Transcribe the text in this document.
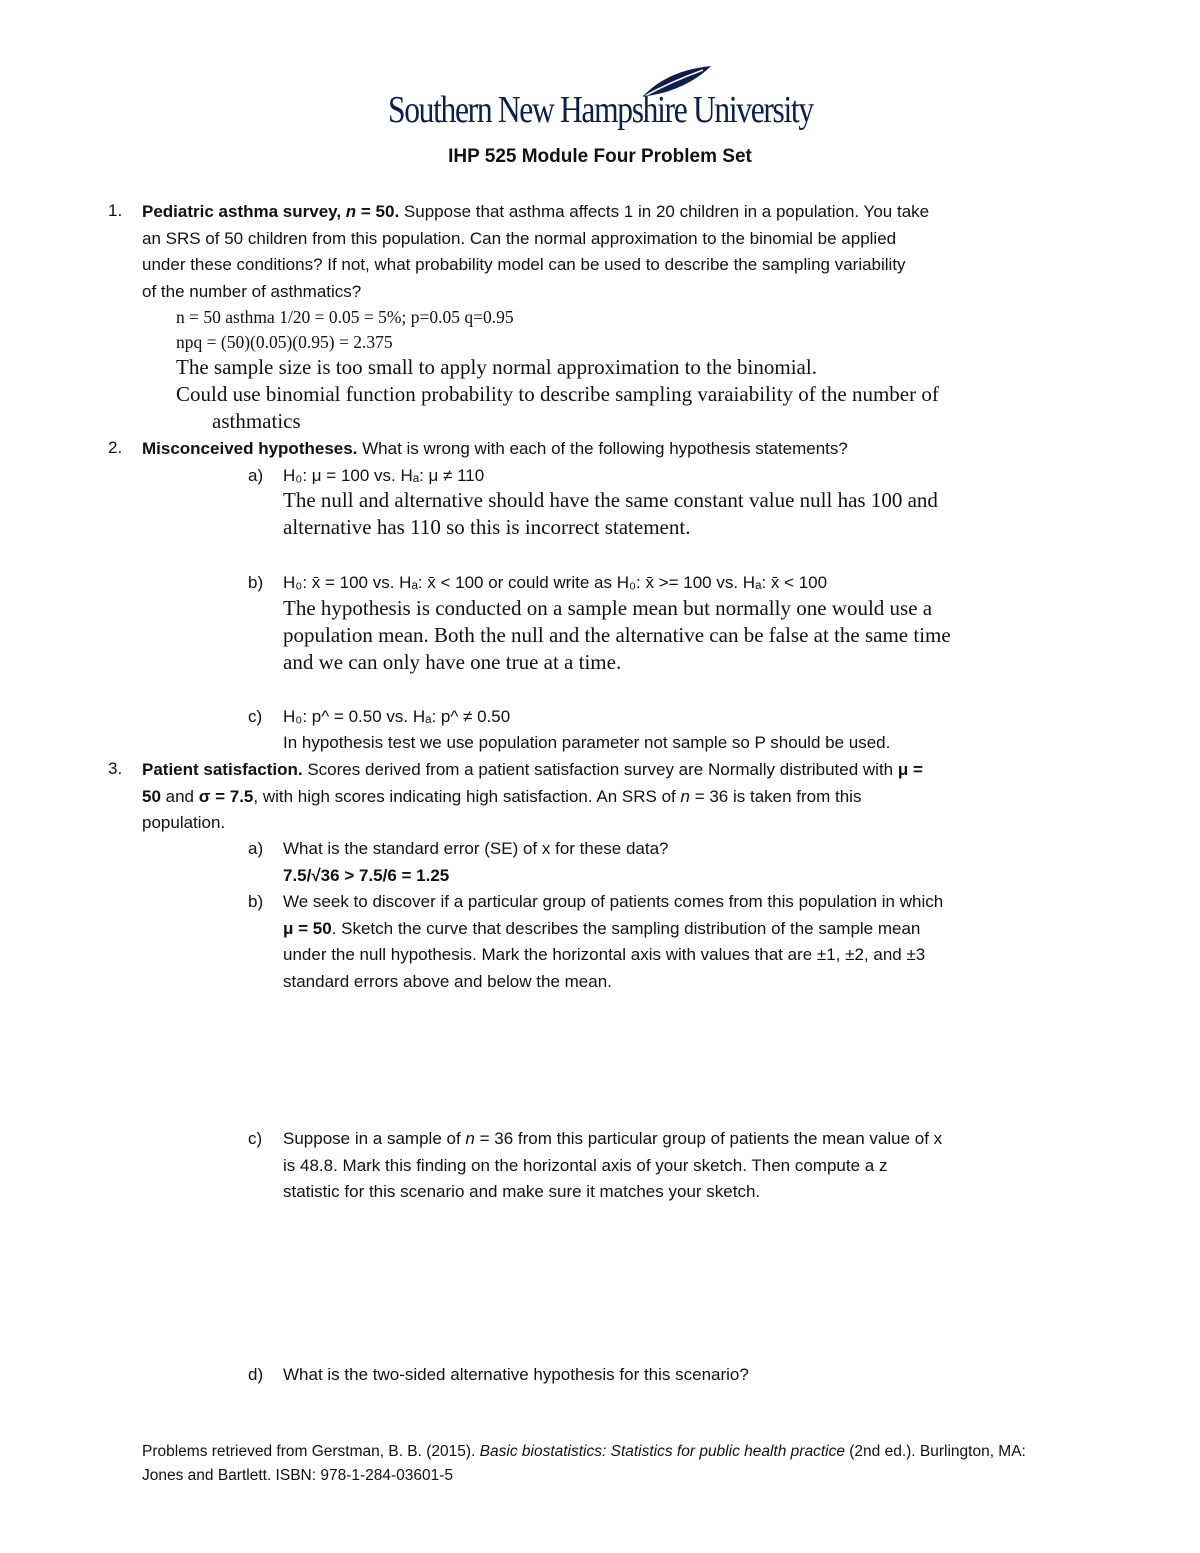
Southern New Hampshire University
IHP 525 Module Four Problem Set
1. Pediatric asthma survey, n = 50. Suppose that asthma affects 1 in 20 children in a population. You take
an SRS of 50 children from this population. Can the normal approximation to the binomial be applied
under these conditions? If not, what probability model can be used to describe the sampling variability
of the number of asthmatics?
n = 50 asthma 1/20 = 0.05 = 5%; p=0.05 q=0.95
npq = (50)(0.05)(0.95) = 2.375
The sample size is too small to apply normal approximation to the binomial.
Could use binomial function probability to describe sampling varaiability of the number of
asthmatics
2. Misconceived hypotheses. What is wrong with each of the following hypothesis statements?
a) H₀: μ = 100 vs. Hₐ: μ ≠ 110
The null and alternative should have the same constant value null has 100 and
alternative has 110 so this is incorrect statement.
b) H₀: x̄ = 100 vs. Hₐ: x̄ < 100 or could write as H₀: x̄ >= 100 vs. Hₐ: x̄ < 100
The hypothesis is conducted on a sample mean but normally one would use a
population mean. Both the null and the alternative can be false at the same time
and we can only have one true at a time.
c) H₀: p^ = 0.50 vs. Hₐ: p^ ≠ 0.50
In hypothesis test we use population parameter not sample so P should be used.
3. Patient satisfaction. Scores derived from a patient satisfaction survey are Normally distributed with μ =
50 and σ = 7.5, with high scores indicating high satisfaction. An SRS of n = 36 is taken from this
population.
a) What is the standard error (SE) of x for these data?
7.5/√36 > 7.5/6 = 1.25
b) We seek to discover if a particular group of patients comes from this population in which
μ = 50. Sketch the curve that describes the sampling distribution of the sample mean
under the null hypothesis. Mark the horizontal axis with values that are ±1, ±2, and ±3
standard errors above and below the mean.
c) Suppose in a sample of n = 36 from this particular group of patients the mean value of x
is 48.8. Mark this finding on the horizontal axis of your sketch. Then compute a z
statistic for this scenario and make sure it matches your sketch.
d) What is the two-sided alternative hypothesis for this scenario?
Problems retrieved from Gerstman, B. B. (2015). Basic biostatistics: Statistics for public health practice (2nd ed.). Burlington, MA:
Jones and Bartlett. ISBN: 978-1-284-03601-5
